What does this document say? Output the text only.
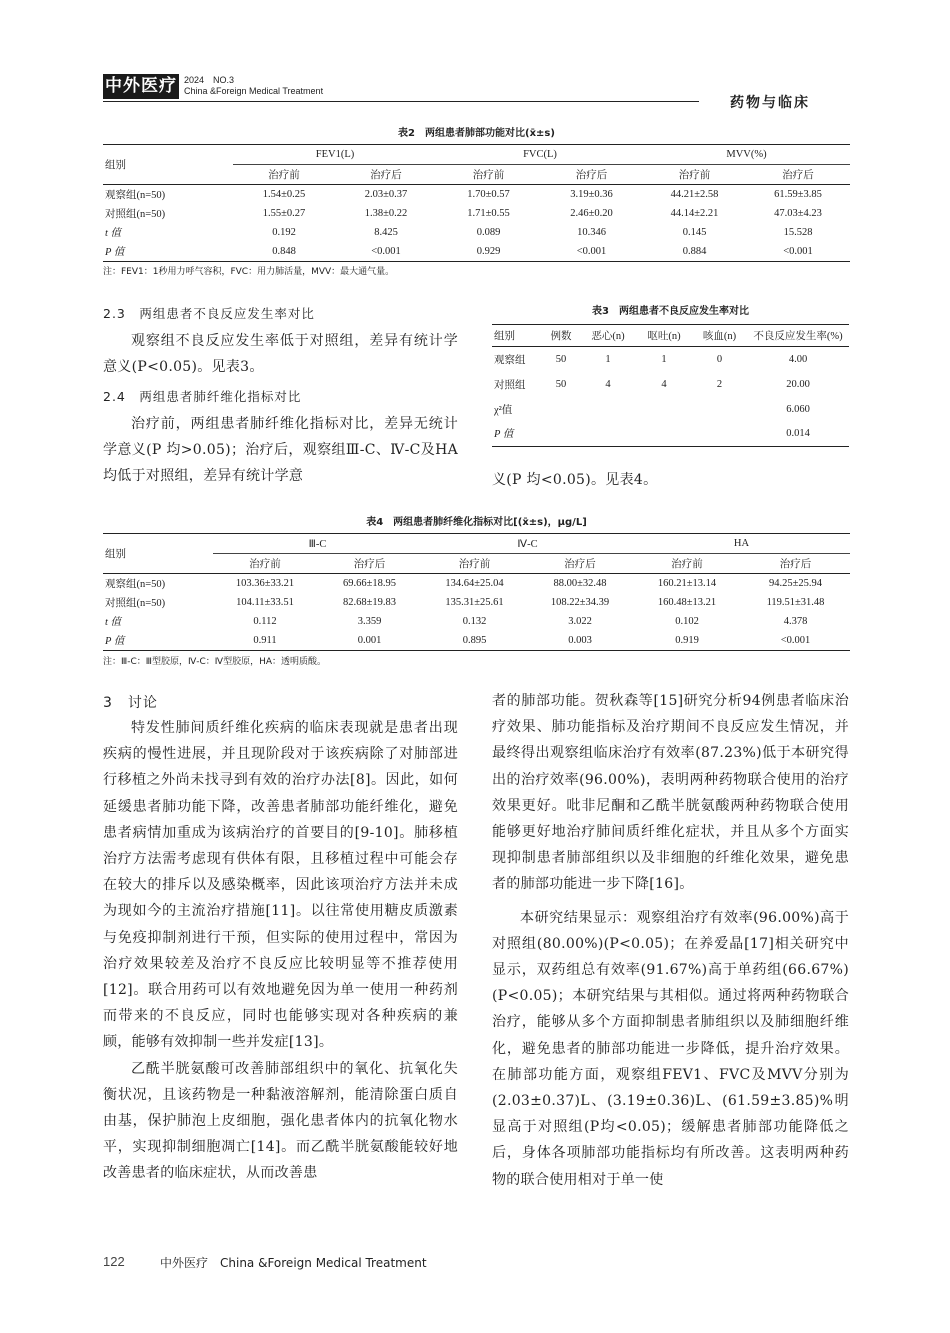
中外医疗 2024　NO.3
China &Foreign Medical Treatment
药物与临床
表2　两组患者肺部功能对比(x̄±s)
组别	FEV1(L)		FVC(L)		MVV(%)	
	治疗前	治疗后	治疗前	治疗后	治疗前	治疗后
观察组(n=50)	1.54±0.25	2.03±0.37	1.70±0.57	3.19±0.36	44.21±2.58	61.59±3.85
对照组(n=50)	1.55±0.27	1.38±0.22	1.71±0.55	2.46±0.20	44.14±2.21	47.03±4.23
t 值	0.192	8.425	0.089	10.346	0.145	15.528
P 值	0.848	<0.001	0.929	<0.001	0.884	<0.001
注：FEV1：1秒用力呼气容积，FVC：用力肺活量，MVV：最大通气量。
2.3　两组患者不良反应发生率对比

观察组不良反应发生率低于对照组，差异有统计学意义(P<0.05)。见表3。

2.4　两组患者肺纤维化指标对比

治疗前，两组患者肺纤维化指标对比，差异无统计学意义(P 均>0.05)；治疗后，观察组Ⅲ-C、Ⅳ-C及HA均低于对照组，差异有统计学意

表3　两组患者不良反应发生率对比
组别	例数	恶心(n)	呕吐(n)	咳血(n)	不良反应发生率(%)
观察组	50	1	1	0	4.00
对照组	50	4	4	2	20.00
χ²值					6.060
P 值					0.014

义(P 均<0.05)。见表4。

表4　两组患者肺纤维化指标对比[(x̄±s)，μg/L]
组别	Ⅲ-C		Ⅳ-C		HA	
	治疗前	治疗后	治疗前	治疗后	治疗前	治疗后
观察组(n=50)	103.36±33.21	69.66±18.95	134.64±25.04	88.00±32.48	160.21±13.14	94.25±25.94
对照组(n=50)	104.11±33.51	82.68±19.83	135.31±25.61	108.22±34.39	160.48±13.21	119.51±31.48
t 值	0.112	3.359	0.132	3.022	0.102	4.378
P 值	0.911	0.001	0.895	0.003	0.919	<0.001
注：Ⅲ-C：Ⅲ型胶原，Ⅳ-C：Ⅳ型胶原，HA：透明质酸。
3　讨论

特发性肺间质纤维化疾病的临床表现就是患者出现疾病的慢性进展，并且现阶段对于该疾病除了对肺部进行移植之外尚未找寻到有效的治疗办法[8]。因此，如何延缓患者肺功能下降，改善患者肺部功能纤维化，避免患者病情加重成为该病治疗的首要目的[9-10]。肺移植治疗方法需考虑现有供体有限，且移植过程中可能会存在较大的排斥以及感染概率，因此该项治疗方法并未成为现如今的主流治疗措施[11]。以往常使用糖皮质激素与免疫抑制剂进行干预，但实际的使用过程中，常因为治疗效果较差及治疗不良反应比较明显等不推荐使用[12]。联合用药可以有效地避免因为单一使用一种药剂而带来的不良反应，同时也能够实现对各种疾病的兼顾，能够有效抑制一些并发症[13]。

乙酰半胱氨酸可改善肺部组织中的氧化、抗氧化失衡状况，且该药物是一种黏液溶解剂，能清除蛋白质自由基，保护肺泡上皮细胞，强化患者体内的抗氧化物水平，实现抑制细胞凋亡[14]。而乙酰半胱氨酸能较好地改善患者的临床症状，从而改善患

者的肺部功能。贺秋森等[15]研究分析94例患者临床治疗效果、肺功能指标及治疗期间不良反应发生情况，并最终得出观察组临床治疗有效率(87.23%)低于本研究得出的治疗效率(96.00%)，表明两种药物联合使用的治疗效果更好。吡非尼酮和乙酰半胱氨酸两种药物联合使用能够更好地治疗肺间质纤维化症状，并且从多个方面实现抑制患者肺部组织以及非细胞的纤维化效果，避免患者的肺部功能进一步下降[16]。

本研究结果显示：观察组治疗有效率(96.00%)高于对照组(80.00%)(P<0.05)；在养爱晶[17]相关研究中显示，双药组总有效率(91.67%)高于单药组(66.67%)(P<0.05)；本研究结果与其相似。通过将两种药物联合治疗，能够从多个方面抑制患者肺组织以及肺细胞纤维化，避免患者的肺部功能进一步降低，提升治疗效果。在肺部功能方面，观察组FEV1、FVC及MVV分别为(2.03±0.37)L、(3.19±0.36)L、(61.59±3.85)%明显高于对照组(P均<0.05)；缓解患者肺部功能降低之后，身体各项肺部功能指标均有所改善。这表明两种药物的联合使用相对于单一使

122	中外医疗　China &Foreign Medical Treatment
